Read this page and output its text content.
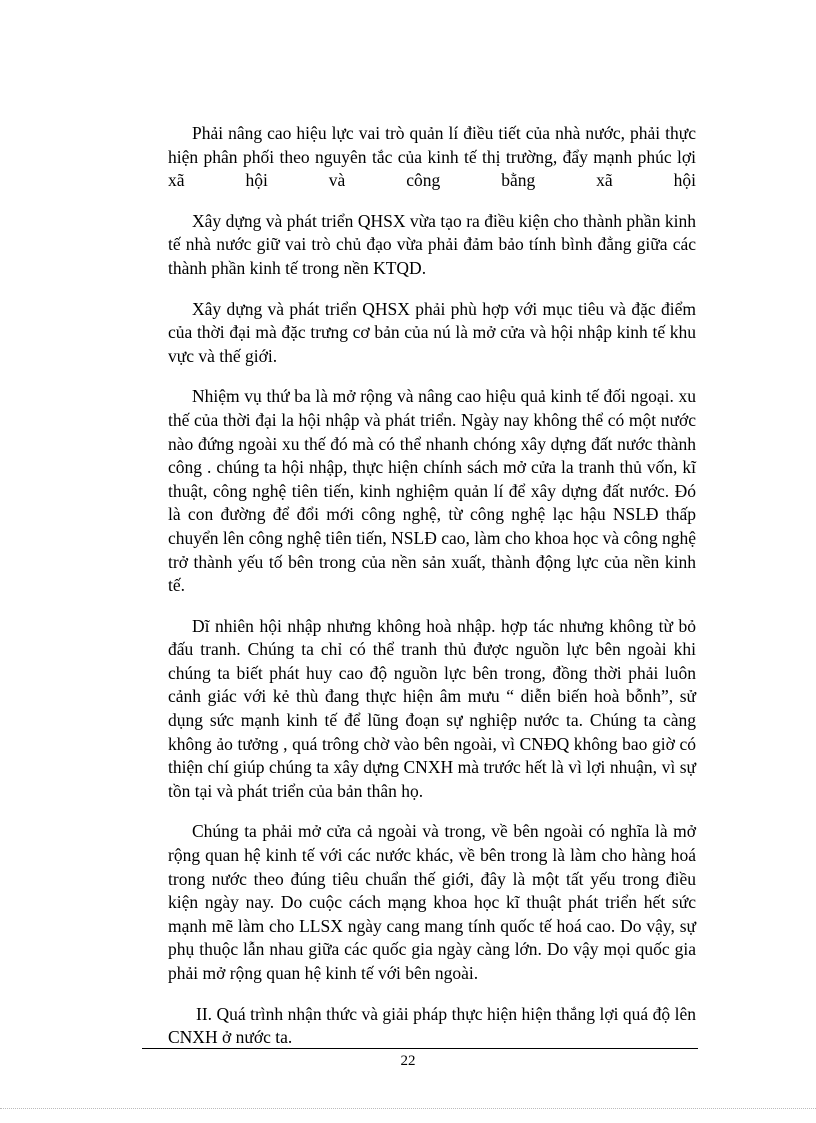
Phải nâng cao hiệu lực vai trò quản lí điều tiết của nhà nước, phải thực hiện phân phối theo nguyên tắc của kinh tế thị trường, đẩy mạnh phúc lợi xã hội và công bằng xã hội

Xây dựng và phát triển QHSX vừa tạo ra điều kiện cho thành phần kinh tế nhà nước giữ vai trò chủ đạo vừa phải đảm bảo tính bình đẳng giữa các thành phần kinh tế trong nền KTQD.

Xây dựng và phát triển QHSX phải phù hợp với mục tiêu và đặc điểm của thời đại mà đặc trưng cơ bản của nú là mở cửa và hội nhập kinh tế khu vực và thế giới.

Nhiệm vụ thứ ba là mở rộng và nâng cao hiệu quả kinh tế đối ngoại. xu thế của thời đại la hội nhập và phát triển. Ngày nay không thể có một nước nào đứng ngoài xu thế đó mà có thể nhanh chóng xây dựng đất nước thành công . chúng ta hội nhập, thực hiện chính sách mở cửa la tranh thủ vốn, kĩ thuật, công nghệ tiên tiến, kinh nghiệm quản lí để xây dựng đất nước. Đó là con đường để đổi mới công nghệ, từ công nghệ lạc hậu NSLĐ thấp chuyển lên công nghệ tiên tiến, NSLĐ cao, làm cho khoa học và công nghệ trở thành yếu tố bên trong của nền sản xuất, thành động lực của nền kinh tế.

Dĩ nhiên hội nhập nhưng không hoà nhập. hợp tác nhưng không từ bỏ đấu tranh. Chúng ta chỉ có thể tranh thủ được nguồn lực bên ngoài khi chúng ta biết phát huy cao độ nguồn lực bên trong, đồng thời phải luôn cảnh giác với kẻ thù đang thực hiện âm mưu “ diễn biến hoà bỗnh”, sử dụng sức mạnh kinh tế để lũng đoạn sự nghiệp nước ta. Chúng ta càng không ảo tưởng , quá trông chờ vào bên ngoài, vì CNĐQ không bao giờ có thiện chí giúp chúng ta xây dựng CNXH mà trước hết là vì lợi nhuận, vì sự tồn tại và phát triển của bản thân họ.

Chúng ta phải mở cửa cả ngoài và trong, về bên ngoài có nghĩa là mở rộng quan hệ kinh tế với các nước khác, về bên trong là làm cho hàng hoá trong nước theo đúng tiêu chuẩn thế giới, đây là một tất yếu trong điều kiện ngày nay. Do cuộc cách mạng khoa học kĩ thuật phát triển hết sức mạnh mẽ làm cho LLSX ngày cang mang tính quốc tế hoá cao. Do vậy, sự phụ thuộc lẫn nhau giữa các quốc gia ngày càng lớn. Do vậy mọi quốc gia phải mở rộng quan hệ kinh tế với bên ngoài.

II. Quá trình nhận thức và giải pháp thực hiện hiện thắng lợi quá độ lên CNXH ở nước ta.

22
